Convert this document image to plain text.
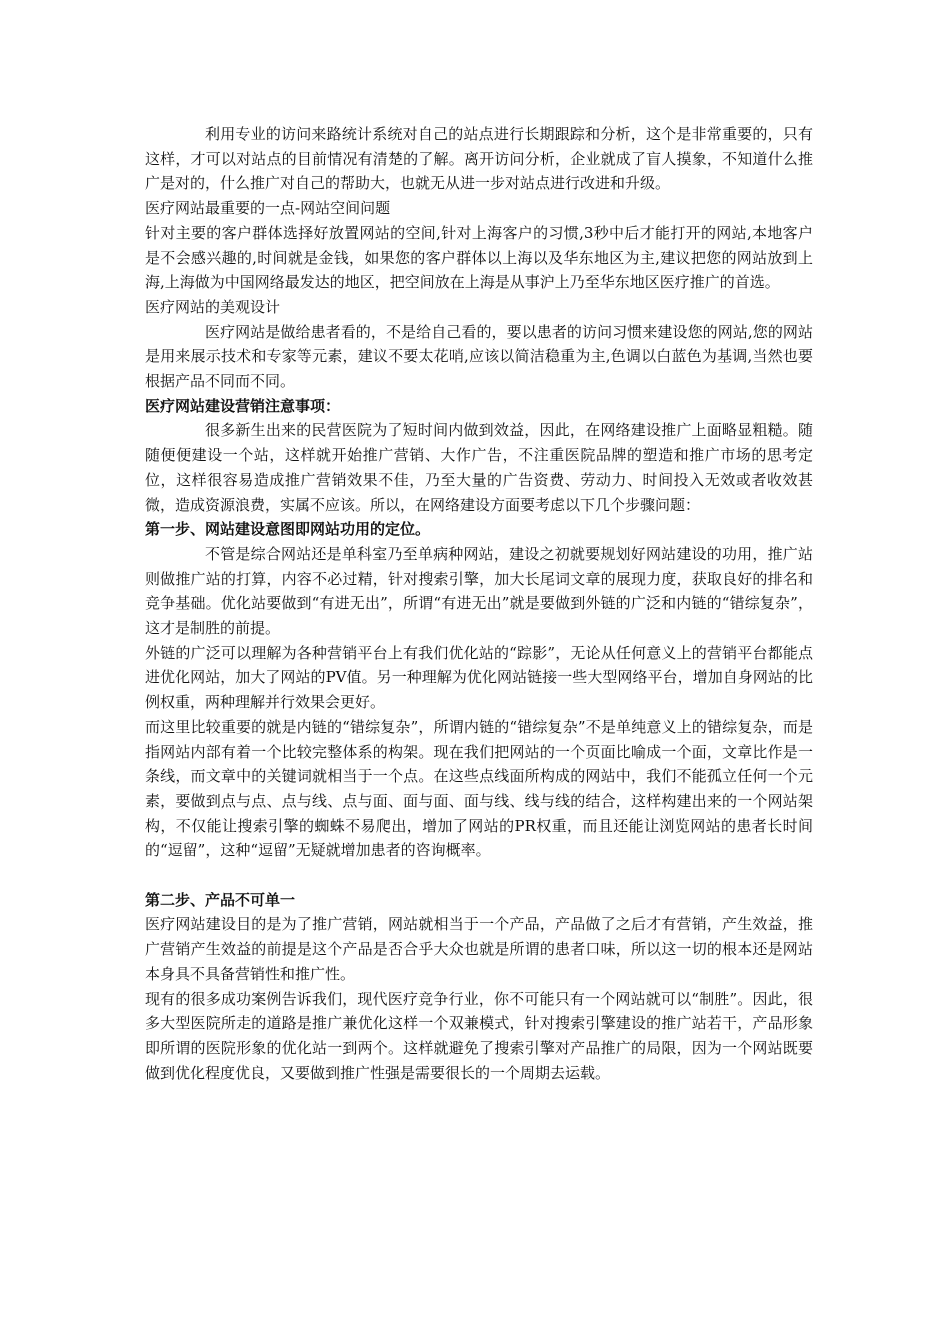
利用专业的访问来路统计系统对自己的站点进行长期跟踪和分析，这个是非常重要的，只有这样，才可以对站点的目前情况有清楚的了解。离开访问分析，企业就成了盲人摸象，不知道什么推广是对的，什么推广对自己的帮助大，也就无从进一步对站点进行改进和升级。

医疗网站最重要的一点-网站空间问题

针对主要的客户群体选择好放置网站的空间,针对上海客户的习惯,3秒中后才能打开的网站,本地客户是不会感兴趣的,时间就是金钱，如果您的客户群体以上海以及华东地区为主,建议把您的网站放到上海,上海做为中国网络最发达的地区，把空间放在上海是从事沪上乃至华东地区医疗推广的首选。

医疗网站的美观设计

医疗网站是做给患者看的，不是给自己看的，要以患者的访问习惯来建设您的网站,您的网站是用来展示技术和专家等元素，建议不要太花哨,应该以简洁稳重为主,色调以白蓝色为基调,当然也要根据产品不同而不同。

医疗网站建设营销注意事项：

很多新生出来的民营医院为了短时间内做到效益，因此，在网络建设推广上面略显粗糙。随随便便建设一个站，这样就开始推广营销、大作广告，不注重医院品牌的塑造和推广市场的思考定位，这样很容易造成推广营销效果不佳，乃至大量的广告资费、劳动力、时间投入无效或者收效甚微，造成资源浪费，实属不应该。所以，在网络建设方面要考虑以下几个步骤问题：

第一步、网站建设意图即网站功用的定位。

不管是综合网站还是单科室乃至单病种网站，建设之初就要规划好网站建设的功用，推广站则做推广站的打算，内容不必过精，针对搜索引擎，加大长尾词文章的展现力度，获取良好的排名和竞争基础。优化站要做到“有进无出”，所谓“有进无出”就是要做到外链的广泛和内链的“错综复杂”，这才是制胜的前提。

外链的广泛可以理解为各种营销平台上有我们优化站的“踪影”，无论从任何意义上的营销平台都能点进优化网站，加大了网站的PV值。另一种理解为优化网站链接一些大型网络平台，增加自身网站的比例权重，两种理解并行效果会更好。

而这里比较重要的就是内链的“错综复杂”，所谓内链的“错综复杂”不是单纯意义上的错综复杂，而是指网站内部有着一个比较完整体系的构架。现在我们把网站的一个页面比喻成一个面，文章比作是一条线，而文章中的关键词就相当于一个点。在这些点线面所构成的网站中，我们不能孤立任何一个元素，要做到点与点、点与线、点与面、面与面、面与线、线与线的结合，这样构建出来的一个网站架构，不仅能让搜索引擎的蜘蛛不易爬出，增加了网站的PR权重，而且还能让浏览网站的患者长时间的“逗留”，这种“逗留”无疑就增加患者的咨询概率。

第二步、产品不可单一

医疗网站建设目的是为了推广营销，网站就相当于一个产品，产品做了之后才有营销，产生效益，推广营销产生效益的前提是这个产品是否合乎大众也就是所谓的患者口味，所以这一切的根本还是网站本身具不具备营销性和推广性。

现有的很多成功案例告诉我们，现代医疗竞争行业，你不可能只有一个网站就可以“制胜”。因此，很多大型医院所走的道路是推广兼优化这样一个双兼模式，针对搜索引擎建设的推广站若干，产品形象即所谓的医院形象的优化站一到两个。这样就避免了搜索引擎对产品推广的局限，因为一个网站既要做到优化程度优良，又要做到推广性强是需要很长的一个周期去运载。
